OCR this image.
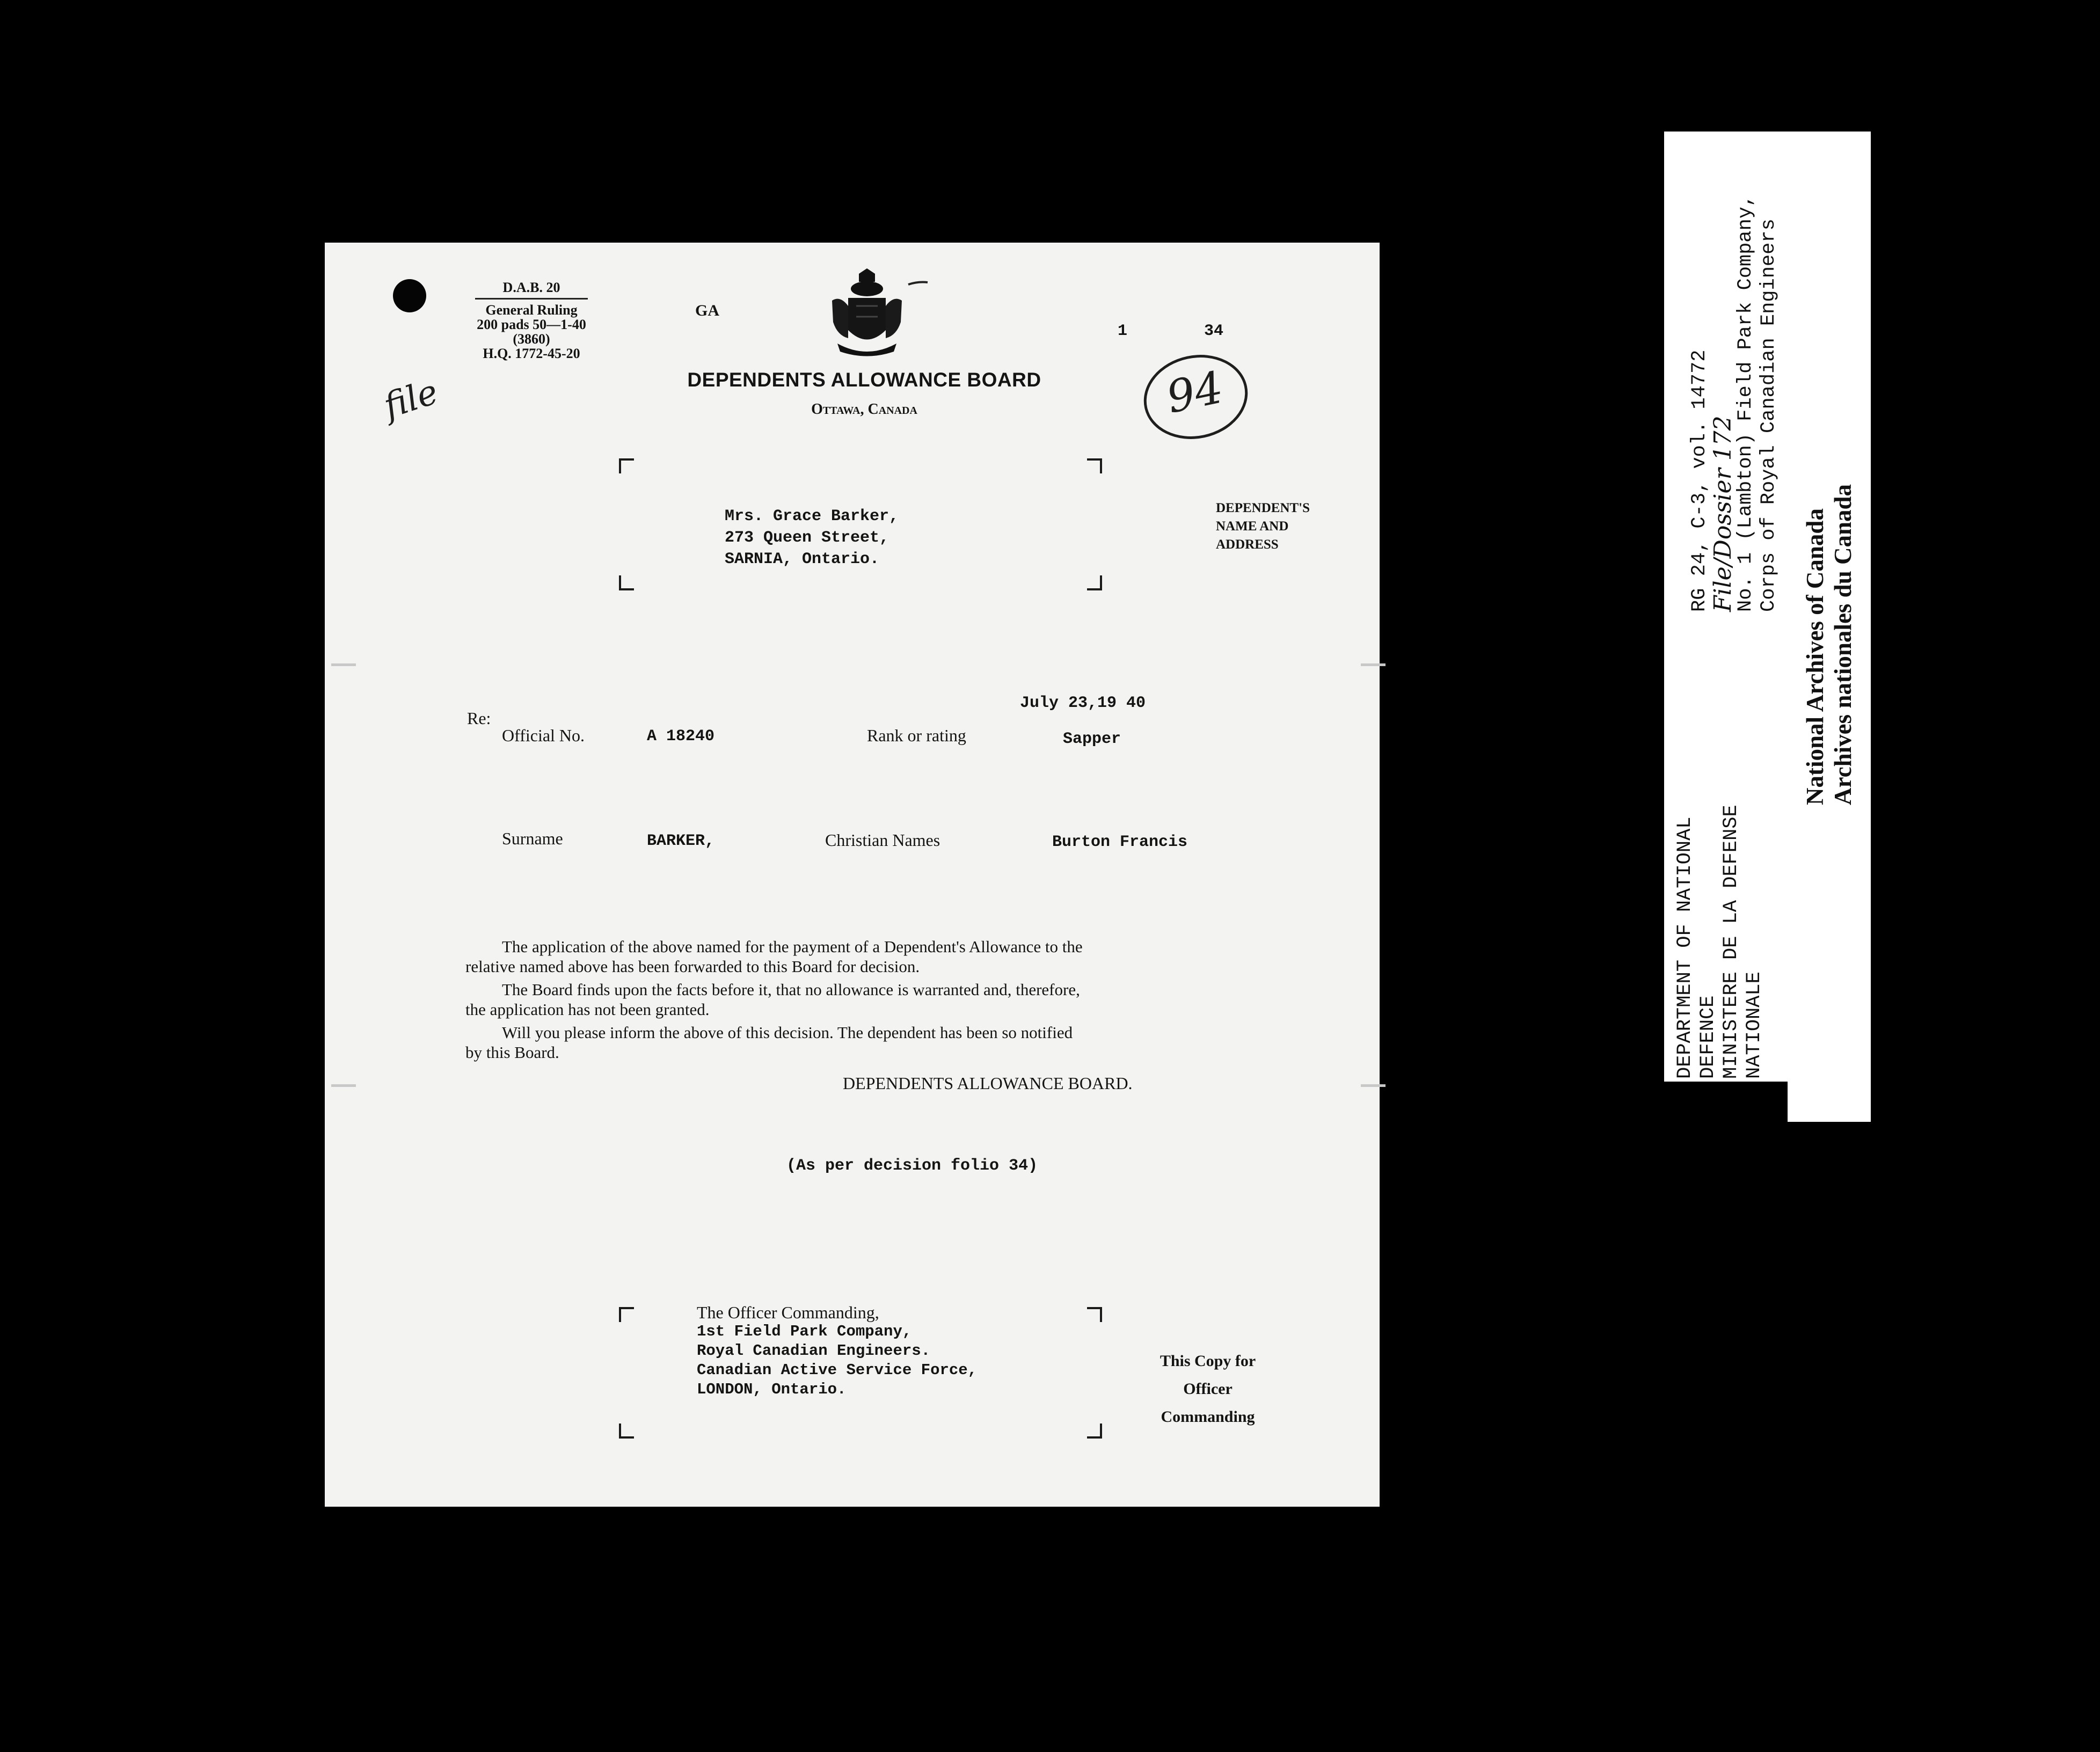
D.A.B. 20
General Ruling
200 pads 50—1-40 (3860)
H.Q. 1772-45-20
GA
1	34
DEPENDENTS ALLOWANCE BOARD
Ottawa, Canada
file	94
Mrs. Grace Barker,
273 Queen Street,
SARNIA, Ontario.
DEPENDENT'S
NAME AND
ADDRESS
July 23,19 40
Re:
Official No.	A 18240	Rank or rating	Sapper
Surname	BARKER,	Christian Names	Burton Francis
The application of the above named for the payment of a Dependent's Allowance to the
relative named above has been forwarded to this Board for decision.
The Board finds upon the facts before it, that no allowance is warranted and, therefore,
the application has not been granted.
Will you please inform the above of this decision. The dependent has been so notified
by this Board.
DEPENDENTS ALLOWANCE BOARD.
(As per decision folio 34)
The Officer Commanding,
1st Field Park Company,
Royal Canadian Engineers.
Canadian Active Service Force,
LONDON, Ontario.
This Copy for
Officer Commanding
DEPARTMENT OF NATIONAL DEFENCE MINISTERE DE LA DEFENSE NATIONALE
RG 24, C-3, vol. 14772
File/Dossier 172
No. 1 (Lambton) Field Park Company, Corps of Royal Canadian Engineers
National Archives of Canada Archives nationales du Canada
